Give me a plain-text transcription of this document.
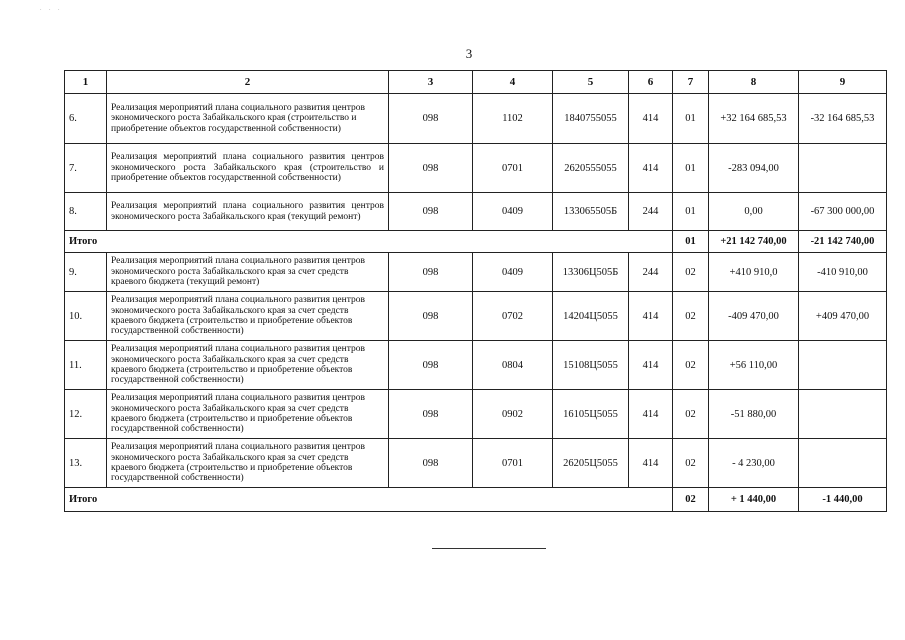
. . .
3
1	2	3	4	5	6	7	8	9
6.	Реализация мероприятий плана социального развития центров экономического роста Забайкальского края (строительство и приобретение объектов государственной собственности)	098	1102	1840755055	414	01	+32 164 685,53	-32 164 685,53
7.	Реализация мероприятий плана социального развития центров экономического роста Забайкальского края (строительство и приобретение объектов государственной собственности)	098	0701	2620555055	414	01	-283 094,00	
8.	Реализация мероприятий плана социального развития центров экономического роста Забайкальского края (текущий ремонт)	098	0409	133065505Б	244	01	0,00	-67 300 000,00
Итого						01	+21 142 740,00	-21 142 740,00
9.	Реализация мероприятий плана социального развития центров экономического роста Забайкальского края за счет средств краевого бюджета (текущий ремонт)	098	0409	13306Ц505Б	244	02	+410 910,0	-410 910,00
10.	Реализация мероприятий плана социального развития центров экономического роста Забайкальского края за счет средств краевого бюджета (строительство и приобретение объектов государственной собственности)	098	0702	14204Ц5055	414	02	-409 470,00	+409 470,00
11.	Реализация мероприятий плана социального развития центров экономического роста Забайкальского края за счет средств краевого бюджета (строительство и приобретение объектов государственной собственности)	098	0804	15108Ц5055	414	02	+56 110,00	
12.	Реализация мероприятий плана социального развития центров экономического роста Забайкальского края за счет средств краевого бюджета (строительство и приобретение объектов государственной собственности)	098	0902	16105Ц5055	414	02	-51 880,00	
13.	Реализация мероприятий плана социального развития центров экономического роста Забайкальского края за счет средств краевого бюджета (строительство и приобретение объектов государственной собственности)	098	0701	26205Ц5055	414	02	- 4 230,00	
Итого						02	+ 1 440,00	-1 440,00
